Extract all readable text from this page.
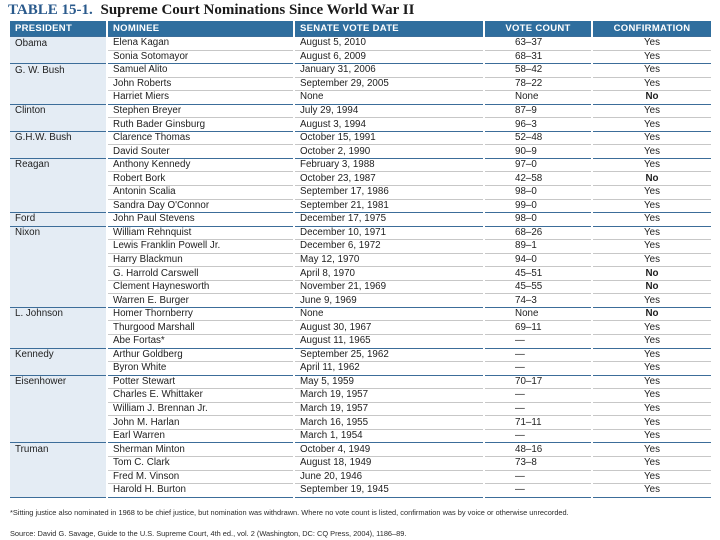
TABLE 15-1. Supreme Court Nominations Since World War II
PRESIDENT	NOMINEE	SENATE VOTE DATE	VOTE COUNT	CONFIRMATION
Obama	Elena Kagan	August 5, 2010	63–37	Yes
	Sonia Sotomayor	August 6, 2009	68–31	Yes
G. W. Bush	Samuel Alito	January 31, 2006	58–42	Yes
	John Roberts	September 29, 2005	78–22	Yes
	Harriet Miers	None	None	No
Clinton	Stephen Breyer	July 29, 1994	87–9	Yes
	Ruth Bader Ginsburg	August 3, 1994	96–3	Yes
G.H.W. Bush	Clarence Thomas	October 15, 1991	52–48	Yes
	David Souter	October 2, 1990	90–9	Yes
Reagan	Anthony Kennedy	February 3, 1988	97–0	Yes
	Robert Bork	October 23, 1987	42–58	No
	Antonin Scalia	September 17, 1986	98–0	Yes
	Sandra Day O'Connor	September 21, 1981	99–0	Yes
Ford	John Paul Stevens	December 17, 1975	98–0	Yes
Nixon	William Rehnquist	December 10, 1971	68–26	Yes
	Lewis Franklin Powell Jr.	December 6, 1972	89–1	Yes
	Harry Blackmun	May 12, 1970	94–0	Yes
	G. Harrold Carswell	April 8, 1970	45–51	No
	Clement Haynesworth	November 21, 1969	45–55	No
	Warren E. Burger	June 9, 1969	74–3	Yes
L. Johnson	Homer Thornberry	None	None	No
	Thurgood Marshall	August 30, 1967	69–11	Yes
	Abe Fortas*	August 11, 1965	—	Yes
Kennedy	Arthur Goldberg	September 25, 1962	—	Yes
	Byron White	April 11, 1962	—	Yes
Eisenhower	Potter Stewart	May 5, 1959	70–17	Yes
	Charles E. Whittaker	March 19, 1957	—	Yes
	William J. Brennan Jr.	March 19, 1957	—	Yes
	John M. Harlan	March 16, 1955	71–11	Yes
	Earl Warren	March 1, 1954	—	Yes
Truman	Sherman Minton	October 4, 1949	48–16	Yes
	Tom C. Clark	August 18, 1949	73–8	Yes
	Fred M. Vinson	June 20, 1946	—	Yes
	Harold H. Burton	September 19, 1945	—	Yes
*Sitting justice also nominated in 1968 to be chief justice, but nomination was withdrawn. Where no vote count is listed, confirmation was by voice or otherwise unrecorded.
Source: David G. Savage, Guide to the U.S. Supreme Court, 4th ed., vol. 2 (Washington, DC: CQ Press, 2004), 1186–89.
